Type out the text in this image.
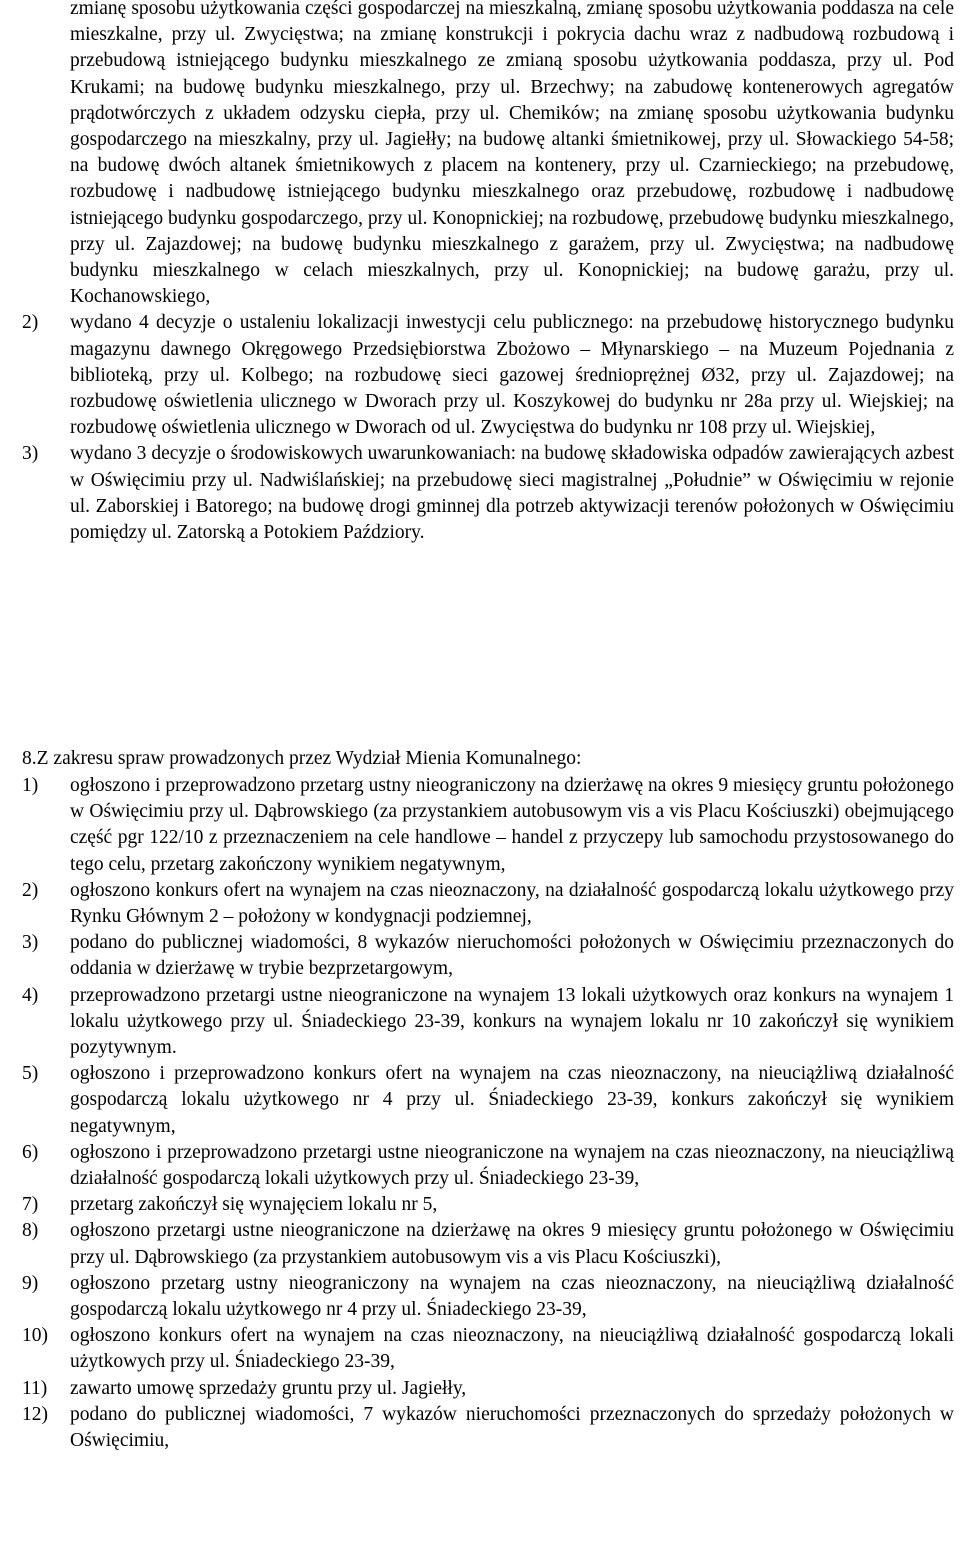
zmianę sposobu użytkowania części gospodarczej na mieszkalną, zmianę sposobu użytkowania poddasza na cele mieszkalne, przy ul. Zwycięstwa; na zmianę konstrukcji i pokrycia dachu wraz z nadbudową rozbudową i przebudową istniejącego budynku mieszkalnego ze zmianą sposobu użytkowania poddasza, przy ul. Pod Krukami; na budowę budynku mieszkalnego, przy ul. Brzechwy; na zabudowę kontenerowych agregatów prądotwórczych z układem odzysku ciepła, przy ul. Chemików; na zmianę sposobu użytkowania budynku gospodarczego na mieszkalny, przy ul. Jagiełły; na budowę altanki śmietnikowej, przy ul. Słowackiego 54-58; na budowę dwóch altanek śmietnikowych z placem na kontenery, przy ul. Czarnieckiego; na przebudowę, rozbudowę i nadbudowę istniejącego budynku mieszkalnego oraz przebudowę, rozbudowę i nadbudowę istniejącego budynku gospodarczego, przy ul. Konopnickiej; na rozbudowę, przebudowę budynku mieszkalnego, przy ul. Zajazdowej; na budowę budynku mieszkalnego z garażem, przy ul. Zwycięstwa; na nadbudowę budynku mieszkalnego w celach mieszkalnych, przy ul. Konopnickiej; na budowę garażu, przy ul. Kochanowskiego,
2) wydano 4 decyzje o ustaleniu lokalizacji inwestycji celu publicznego: na przebudowę historycznego budynku magazynu dawnego Okręgowego Przedsiębiorstwa Zbożowo – Młynarskiego – na Muzeum Pojednania z biblioteką, przy ul. Kolbego; na rozbudowę sieci gazowej średnioprężnej Ø32, przy ul. Zajazdowej; na rozbudowę oświetlenia ulicznego w Dworach przy ul. Koszykowej do budynku nr 28a przy ul. Wiejskiej; na rozbudowę oświetlenia ulicznego w Dworach od ul. Zwycięstwa do budynku nr 108 przy ul. Wiejskiej,
3) wydano 3 decyzje o środowiskowych uwarunkowaniach: na budowę składowiska odpadów zawierających azbest w Oświęcimiu przy ul. Nadwiślańskiej; na przebudowę sieci magistralnej „Południe” w Oświęcimiu w rejonie ul. Zaborskiej i Batorego; na budowę drogi gminnej dla potrzeb aktywizacji terenów położonych w Oświęcimiu pomiędzy ul. Zatorską a Potokiem Paździory.
8.Z zakresu spraw prowadzonych przez Wydział Mienia Komunalnego:
1) ogłoszono i przeprowadzono przetarg ustny nieograniczony na dzierżawę na okres 9 miesięcy gruntu położonego w Oświęcimiu przy ul. Dąbrowskiego (za przystankiem autobusowym vis a vis Placu Kościuszki) obejmującego część pgr 122/10 z przeznaczeniem na cele handlowe – handel z przyczepy lub samochodu przystosowanego do tego celu, przetarg zakończony wynikiem negatywnym,
2) ogłoszono konkurs ofert na wynajem na czas nieoznaczony, na działalność gospodarczą lokalu użytkowego przy Rynku Głównym 2 – położony w kondygnacji podziemnej,
3) podano do publicznej wiadomości, 8 wykazów nieruchomości położonych w Oświęcimiu przeznaczonych do oddania w dzierżawę w trybie bezprzetargowym,
4) przeprowadzono przetargi ustne nieograniczone na wynajem 13 lokali użytkowych oraz konkurs na wynajem 1 lokalu użytkowego przy ul. Śniadeckiego 23-39, konkurs na wynajem lokalu nr 10 zakończył się wynikiem pozytywnym.
5) ogłoszono i przeprowadzono konkurs ofert na wynajem na czas nieoznaczony, na nieuciążliwą działalność gospodarczą lokalu użytkowego nr 4 przy ul. Śniadeckiego 23-39, konkurs zakończył się wynikiem negatywnym,
6) ogłoszono i przeprowadzono przetargi ustne nieograniczone na wynajem na czas nieoznaczony, na nieuciążliwą działalność gospodarczą lokali użytkowych przy ul. Śniadeckiego 23-39,
7) przetarg zakończył się wynajęciem lokalu nr 5,
8) ogłoszono przetargi ustne nieograniczone na dzierżawę na okres 9 miesięcy gruntu położonego w Oświęcimiu przy ul. Dąbrowskiego (za przystankiem autobusowym vis a vis Placu Kościuszki),
9) ogłoszono przetarg ustny nieograniczony na wynajem na czas nieoznaczony, na nieuciążliwą działalność gospodarczą lokalu użytkowego nr 4 przy ul. Śniadeckiego 23-39,
10) ogłoszono konkurs ofert na wynajem na czas nieoznaczony, na nieuciążliwą działalność gospodarczą lokali użytkowych przy ul. Śniadeckiego 23-39,
11) zawarto umowę sprzedaży gruntu przy ul. Jagiełły,
12) podano do publicznej wiadomości, 7 wykazów nieruchomości przeznaczonych do sprzedaży położonych w Oświęcimiu,
